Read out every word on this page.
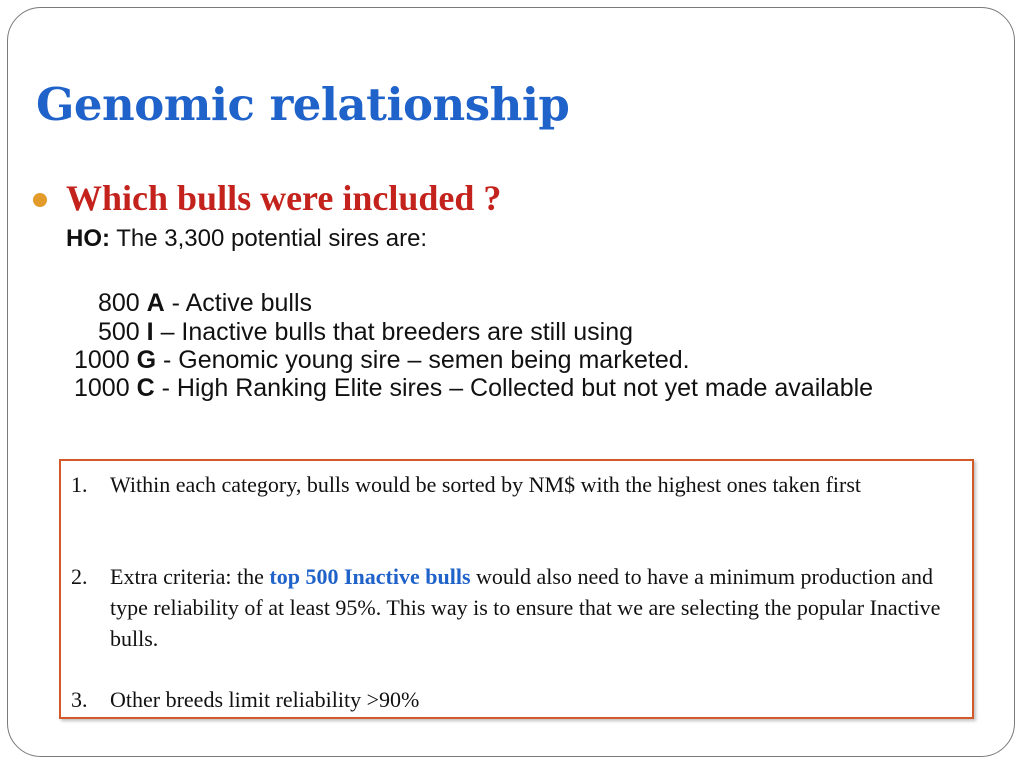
Genomic relationship
Which bulls were included ?
HO: The 3,300 potential sires are:
800 A - Active bulls
500 I – Inactive bulls that breeders are still using
1000 G - Genomic young sire – semen being marketed.
1000 C - High Ranking Elite sires – Collected but not yet made available
1.	Within each category, bulls would be sorted by NM$ with the highest ones taken first
2.	Extra criteria: the top 500 Inactive bulls would also need to have a minimum production and type reliability of at least 95%. This way is to ensure that we are selecting the popular Inactive bulls.
3.	Other breeds limit reliability >90%
